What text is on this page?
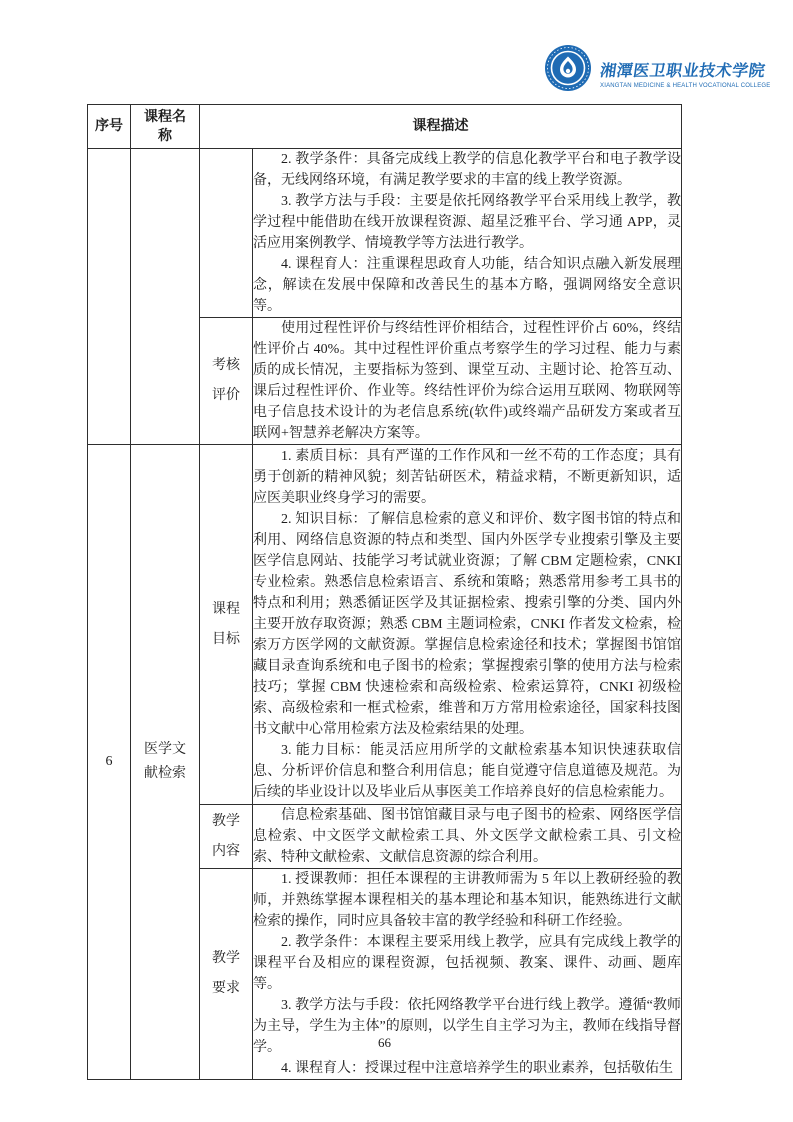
湘潭医卫职业技术学院
XIANGTAN MEDICINE & HEALTH VOCATIONAL COLLEGE
序号	课程名称	课程描述	

			2. 教学条件：具备完成线上教学的信息化教学平台和电子教学设备，无线网络环境，有满足教学要求的丰富的线上教学资源。

3. 教学方法与手段：主要是依托网络教学平台采用线上教学，教学过程中能借助在线开放课程资源、超星泛雅平台、学习通 APP，灵活应用案例教学、情境教学等方法进行教学。

4. 课程育人：注重课程思政育人功能，结合知识点融入新发展理念，解读在发展中保障和改善民生的基本方略，强调网络安全意识等。

		考核评价	使用过程性评价与终结性评价相结合，过程性评价占 60%，终结性评价占 40%。其中过程性评价重点考察学生的学习过程、能力与素质的成长情况，主要指标为签到、课堂互动、主题讨论、抢答互动、课后过程性评价、作业等。终结性评价为综合运用互联网、物联网等电子信息技术设计的为老信息系统(软件)或终端产品研发方案或者互联网+智慧养老解决方案等。

6	医学文献检索	课程目标	1. 素质目标：具有严谨的工作作风和一丝不苟的工作态度；具有勇于创新的精神风貌；刻苦钻研医术，精益求精，不断更新知识，适应医美职业终身学习的需要。

2. 知识目标：了解信息检索的意义和评价、数字图书馆的特点和利用、网络信息资源的特点和类型、国内外医学专业搜索引擎及主要医学信息网站、技能学习考试就业资源；了解 CBM 定题检索，CNKI 专业检索。熟悉信息检索语言、系统和策略；熟悉常用参考工具书的特点和利用；熟悉循证医学及其证据检索、搜索引擎的分类、国内外主要开放存取资源；熟悉 CBM 主题词检索，CNKI 作者发文检索，检索万方医学网的文献资源。掌握信息检索途径和技术；掌握图书馆馆藏目录查询系统和电子图书的检索；掌握搜索引擎的使用方法与检索技巧；掌握 CBM 快速检索和高级检索、检索运算符，CNKI 初级检索、高级检索和一框式检索，维普和万方常用检索途径，国家科技图书文献中心常用检索方法及检索结果的处理。

3. 能力目标：能灵活应用所学的文献检索基本知识快速获取信息、分析评价信息和整合利用信息；能自觉遵守信息道德及规范。为后续的毕业设计以及毕业后从事医美工作培养良好的信息检索能力。

		教学内容	信息检索基础、图书馆馆藏目录与电子图书的检索、网络医学信息检索、中文医学文献检索工具、外文医学文献检索工具、引文检索、特种文献检索、文献信息资源的综合利用。

		教学要求	1. 授课教师：担任本课程的主讲教师需为 5 年以上教研经验的教师，并熟练掌握本课程相关的基本理论和基本知识，能熟练进行文献检索的操作，同时应具备较丰富的教学经验和科研工作经验。

2. 教学条件：本课程主要采用线上教学，应具有完成线上教学的课程平台及相应的课程资源，包括视频、教案、课件、动画、题库等。

3. 教学方法与手段：依托网络教学平台进行线上教学。遵循“教师为主导，学生为主体”的原则，以学生自主学习为主，教师在线指导督学。

4. 课程育人：授课过程中注意培养学生的职业素养，包括敬佑生

66
